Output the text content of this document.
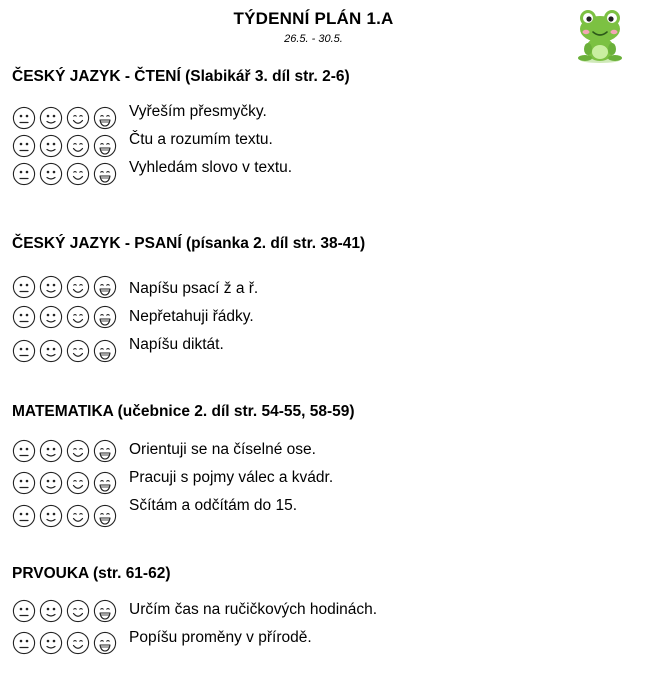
TÝDENNÍ PLÁN 1.A
26.5. - 30.5.
ČESKÝ JAZYK - ČTENÍ (Slabikář 3. díl str. 2-6)
Vyřeším přesmyčky.
Čtu a rozumím textu.
Vyhledám slovo v textu.
ČESKÝ JAZYK - PSANÍ (písanka 2. díl str. 38-41)
Napíšu psací ž a ř.
Nepřetahuji řádky.
Napíšu diktát.
MATEMATIKA (učebnice 2. díl str. 54-55, 58-59)
Orientuji se na číselné ose.
Pracuji s pojmy válec a kvádr.
Sčítám a odčítám do 15.
PRVOUKA (str. 61-62)
Určím čas na ručičkových hodinách.
Popíšu proměny v přírodě.
